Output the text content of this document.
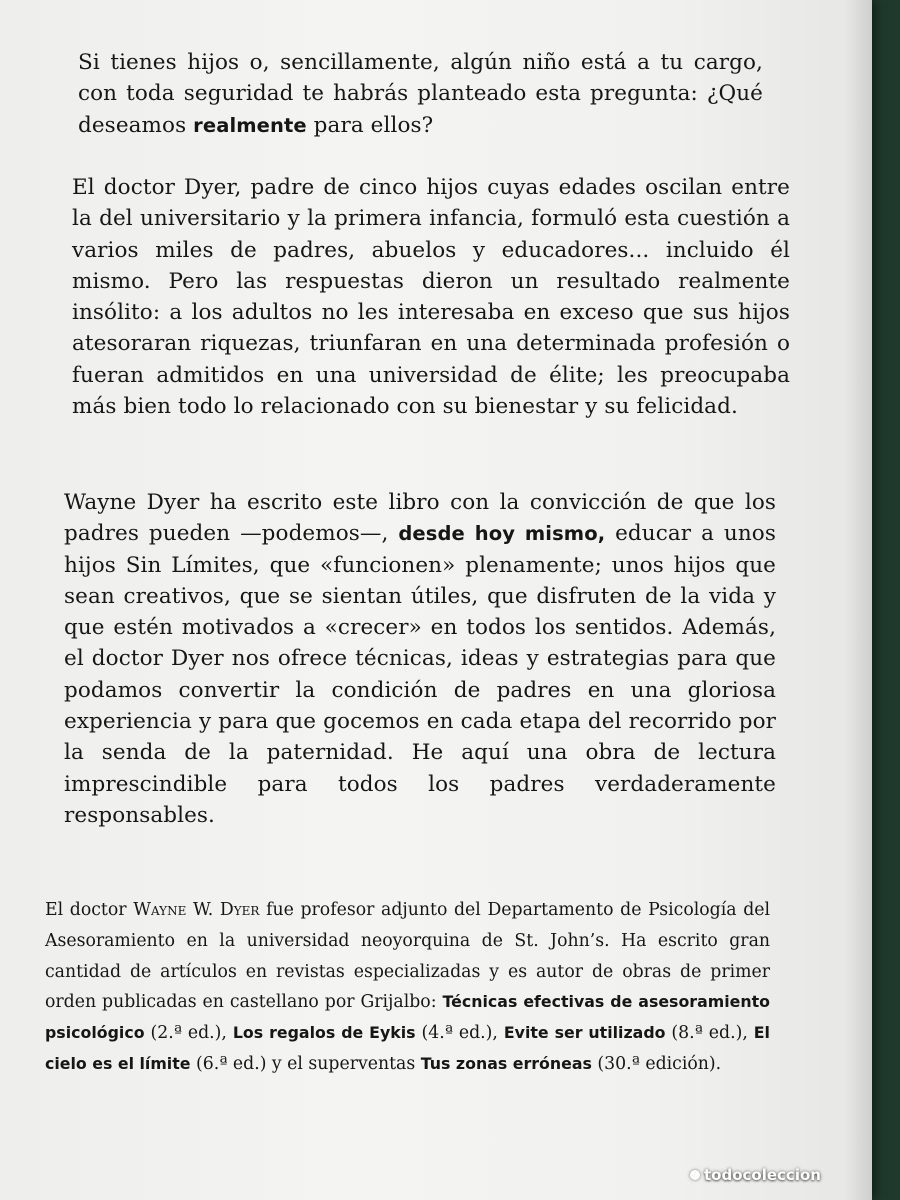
Si tienes hijos o, sencillamente, algún niño está a tu cargo, con toda seguridad te habrás planteado esta pregunta: ¿Qué deseamos realmente para ellos?

El doctor Dyer, padre de cinco hijos cuyas edades oscilan entre la del universitario y la primera infancia, formuló esta cuestión a varios miles de padres, abuelos y educadores... incluido él mismo. Pero las respuestas dieron un resultado realmente insólito: a los adultos no les interesaba en exceso que sus hijos atesoraran riquezas, triunfaran en una determinada profesión o fueran admitidos en una universidad de élite; les preocupaba más bien todo lo relacionado con su bienestar y su felicidad.

Wayne Dyer ha escrito este libro con la convicción de que los padres pueden —podemos—, desde hoy mismo, educar a unos hijos Sin Límites, que «funcionen» plenamente; unos hijos que sean creativos, que se sientan útiles, que disfruten de la vida y que estén motivados a «crecer» en todos los sentidos. Además, el doctor Dyer nos ofrece técnicas, ideas y estrategias para que podamos convertir la condición de padres en una gloriosa experiencia y para que gocemos en cada etapa del recorrido por la senda de la paternidad. He aquí una obra de lectura imprescindible para todos los padres verdaderamente responsables.

El doctor Wayne W. Dyer fue profesor adjunto del Departamento de Psicología del Asesoramiento en la universidad neoyorquina de St. John’s. Ha escrito gran cantidad de artículos en revistas especializadas y es autor de obras de primer orden publicadas en castellano por Grijalbo: Técnicas efectivas de asesoramiento psicológico (2.ª ed.), Los regalos de Eykis (4.ª ed.), Evite ser utilizado (8.ª ed.), El cielo es el límite (6.ª ed.) y el superventas Tus zonas erróneas (30.ª edición).

todocoleccion
